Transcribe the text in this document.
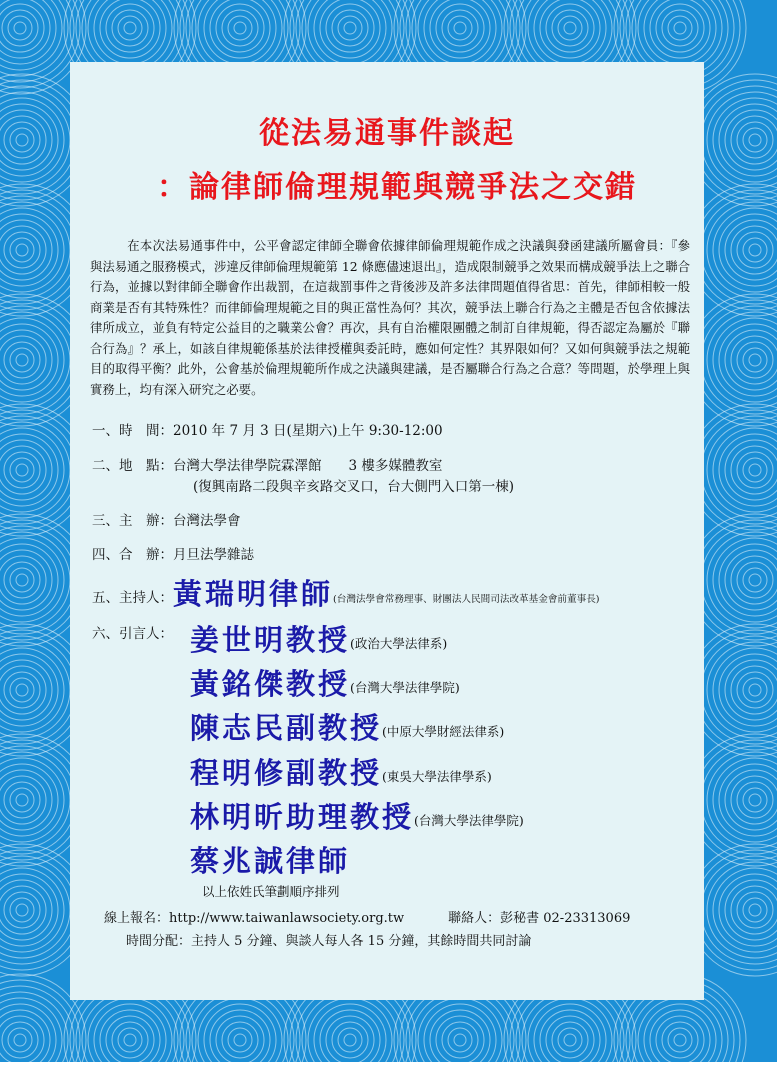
從法易通事件談起
：論律師倫理規範與競爭法之交錯

在本次法易通事件中，公平會認定律師全聯會依據律師倫理規範作成之決議與發函建議所屬會員：『參與法易通之服務模式，涉違反律師倫理規範第 12 條應儘速退出』，造成限制競爭之效果而構成競爭法上之聯合行為，並據以對律師全聯會作出裁罰，在這裁罰事件之背後涉及許多法律問題值得省思：首先，律師相較一般商業是否有其特殊性？而律師倫理規範之目的與正當性為何？其次，競爭法上聯合行為之主體是否包含依據法律所成立，並負有特定公益目的之職業公會？再次，具有自治權限團體之制訂自律規範，得否認定為屬於『聯合行為』？承上，如該自律規範係基於法律授權與委託時，應如何定性？其界限如何？又如何與競爭法之規範目的取得平衡？此外，公會基於倫理規範所作成之決議與建議，是否屬聯合行為之合意？等問題，於學理上與實務上，均有深入研究之必要。

一、時　間：2010 年 7 月 3 日(星期六)上午 9:30-12:00
二、地　點：台灣大學法律學院霖澤館　　3 樓多媒體教室
(復興南路二段與辛亥路交叉口，台大側門入口第一棟)
三、主　辦：台灣法學會
四、合　辦：月旦法學雜誌
五、主持人：黃瑞明律師(台灣法學會常務理事、財團法人民間司法改革基金會前董事長)
六、引言人： 姜世明教授(政治大學法律系)
黃銘傑教授(台灣大學法律學院)
陳志民副教授(中原大學財經法律系)
程明修副教授(東吳大學法律學系)
林明昕助理教授(台灣大學法律學院)
蔡兆誠律師
以上依姓氏筆劃順序排列
線上報名：http://www.taiwanlawsociety.org.tw	聯絡人：彭秘書 02-23313069
時間分配：主持人 5 分鐘、與談人每人各 15 分鐘，其餘時間共同討論
